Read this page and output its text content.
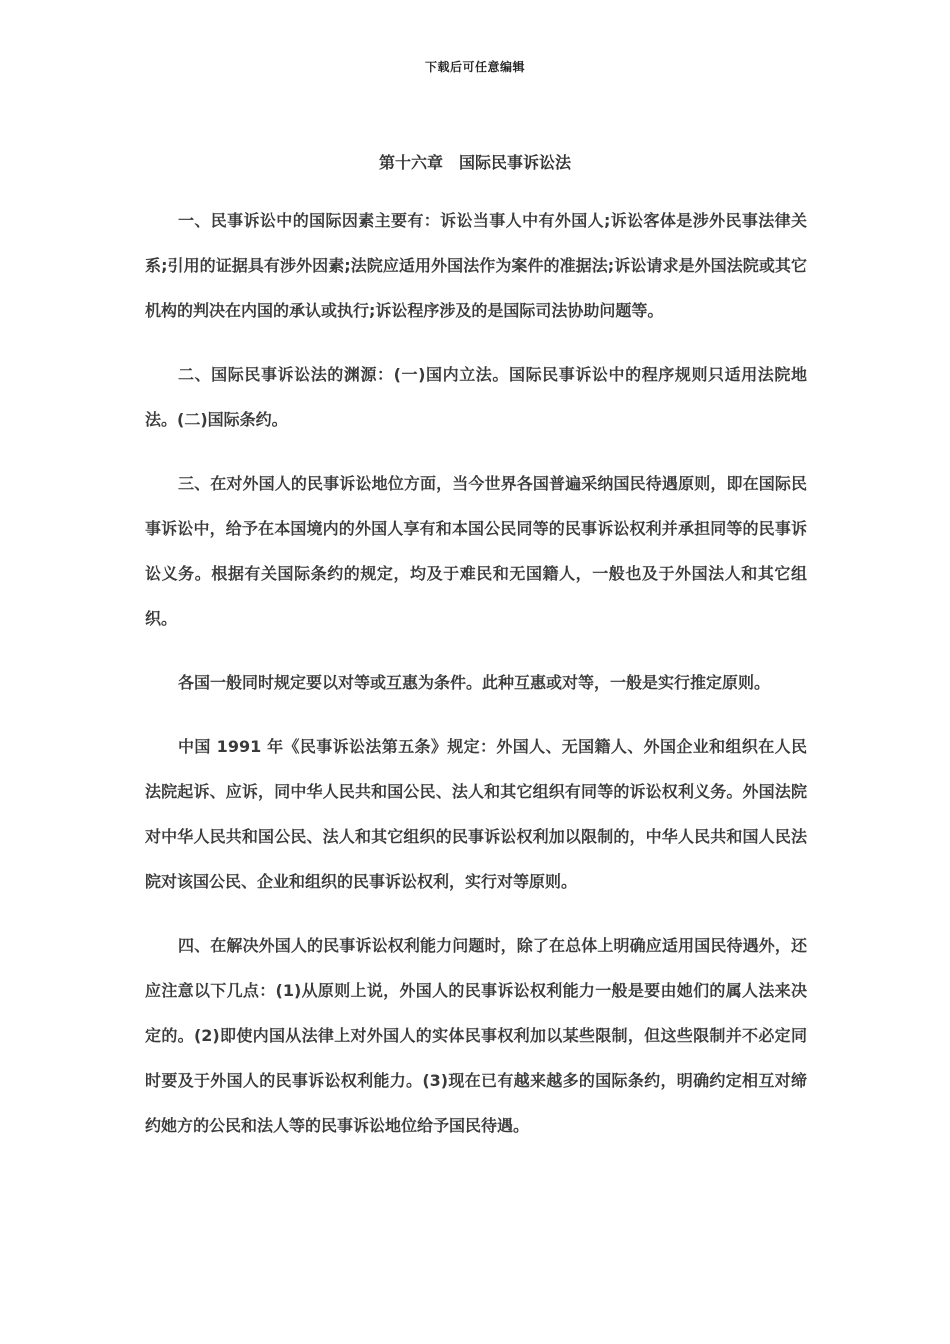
下载后可任意编辑
第十六章　国际民事诉讼法

一、民事诉讼中的国际因素主要有：诉讼当事人中有外国人;诉讼客体是涉外民事法律关系;引用的证据具有涉外因素;法院应适用外国法作为案件的准据法;诉讼请求是外国法院或其它机构的判决在内国的承认或执行;诉讼程序涉及的是国际司法协助问题等。

二、国际民事诉讼法的渊源：(一)国内立法。国际民事诉讼中的程序规则只适用法院地法。(二)国际条约。

三、在对外国人的民事诉讼地位方面，当今世界各国普遍采纳国民待遇原则，即在国际民事诉讼中，给予在本国境内的外国人享有和本国公民同等的民事诉讼权利并承担同等的民事诉讼义务。根据有关国际条约的规定，均及于难民和无国籍人，一般也及于外国法人和其它组织。

各国一般同时规定要以对等或互惠为条件。此种互惠或对等，一般是实行推定原则。

中国 1991 年《民事诉讼法第五条》规定：外国人、无国籍人、外国企业和组织在人民法院起诉、应诉，同中华人民共和国公民、法人和其它组织有同等的诉讼权利义务。外国法院对中华人民共和国公民、法人和其它组织的民事诉讼权利加以限制的，中华人民共和国人民法院对该国公民、企业和组织的民事诉讼权利，实行对等原则。

四、在解决外国人的民事诉讼权利能力问题时，除了在总体上明确应适用国民待遇外，还应注意以下几点：(1)从原则上说，外国人的民事诉讼权利能力一般是要由她们的属人法来决定的。(2)即使内国从法律上对外国人的实体民事权利加以某些限制，但这些限制并不必定同时要及于外国人的民事诉讼权利能力。(3)现在已有越来越多的国际条约，明确约定相互对缔约她方的公民和法人等的民事诉讼地位给予国民待遇。
